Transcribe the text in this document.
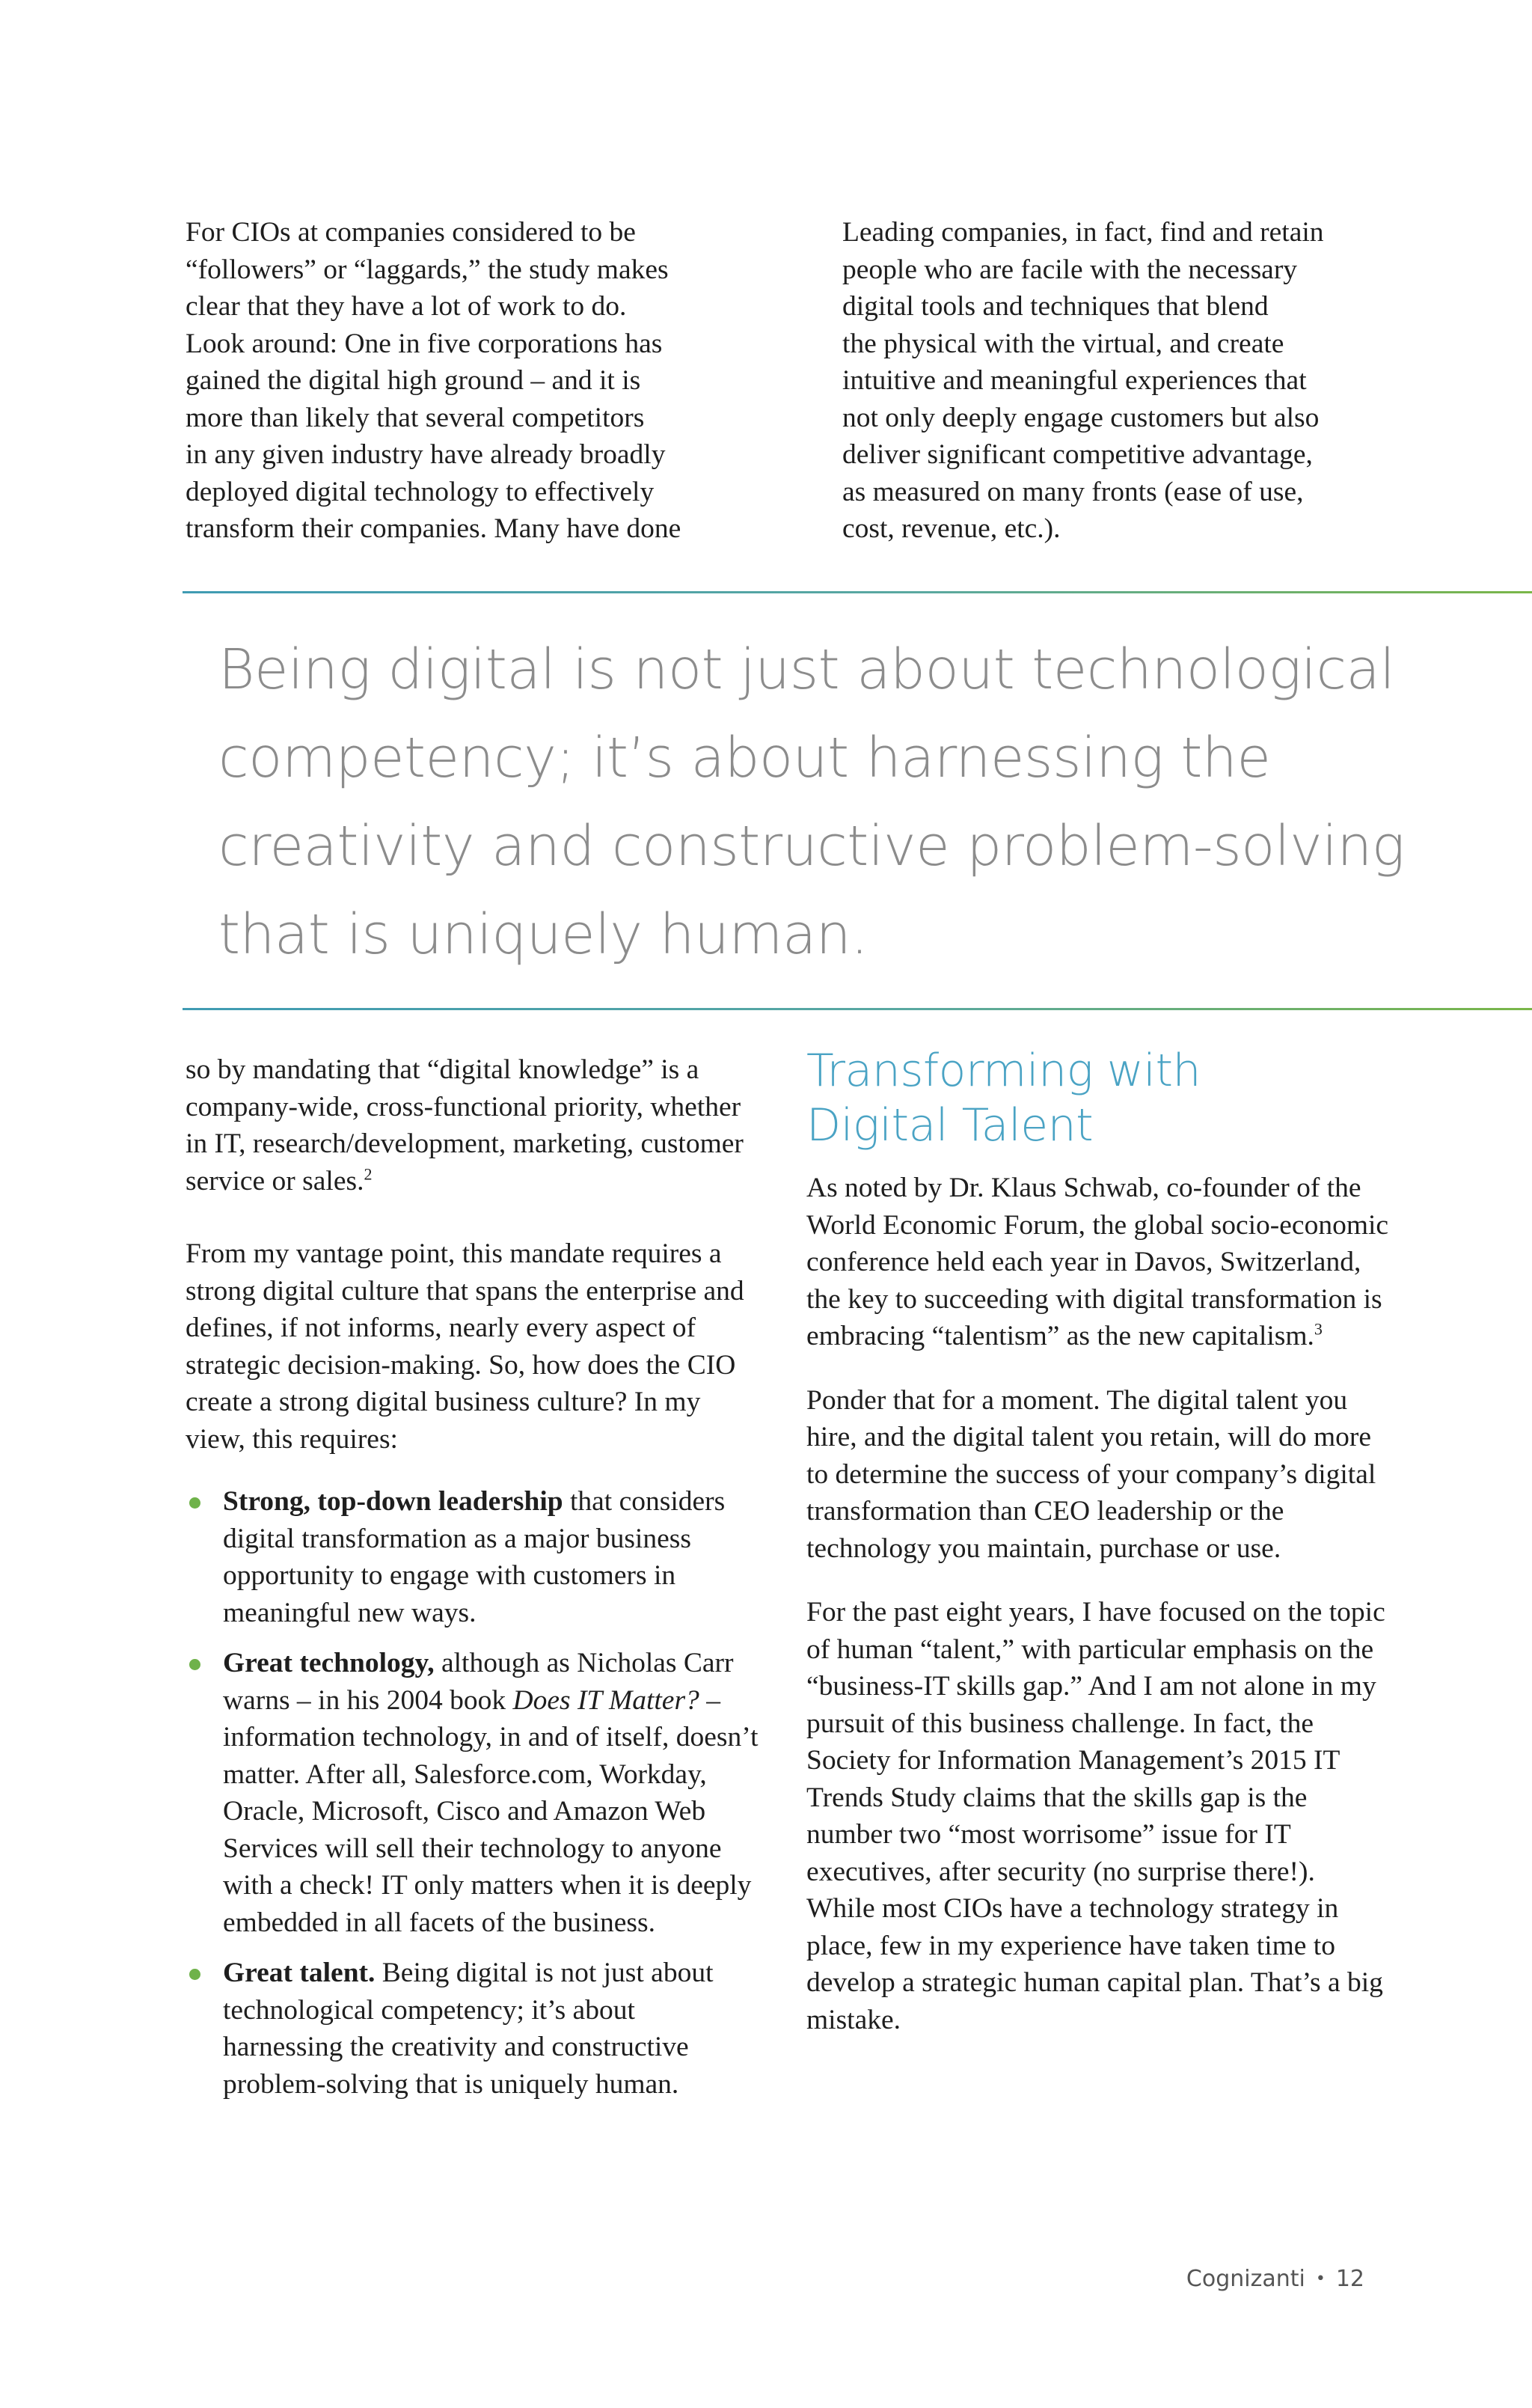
For CIOs at companies considered to be
“followers” or “laggards,” the study makes
clear that they have a lot of work to do.
Look around: One in five corporations has
gained the digital high ground – and it is
more than likely that several competitors
in any given industry have already broadly
deployed digital technology to effectively
transform their companies. Many have done
Leading companies, in fact, find and retain
people who are facile with the necessary
digital tools and techniques that blend
the physical with the virtual, and create
intuitive and meaningful experiences that
not only deeply engage customers but also
deliver significant competitive advantage,
as measured on many fronts (ease of use,
cost, revenue, etc.).
Being digital is not just about technological
competency; it’s about harnessing the
creativity and constructive problem-solving
that is uniquely human.

so by mandating that “digital knowledge” is a company-wide, cross-functional priority, whether in IT, research/development, marketing, customer service or sales.$^2$

From my vantage point, this mandate requires a strong digital culture that spans the enterprise and defines, if not informs, nearly every aspect of strategic decision-making. So, how does the CIO create a strong digital business culture? In my view, this requires:

Strong, top-down leadership that considers digital transformation as a major business opportunity to engage with customers in meaningful new ways.
Great technology, although as Nicholas Carr warns – in his 2004 book Does IT Matter? – information technology, in and of itself, doesn’t matter. After all, Salesforce.com, Workday, Oracle, Microsoft, Cisco and Amazon Web Services will sell their technology to anyone with a check! IT only matters when it is deeply embedded in all facets of the business.
Great talent. Being digital is not just about technological competency; it’s about harnessing the creativity and constructive problem-solving that is uniquely human.
Transforming with
Digital Talent

As noted by Dr. Klaus Schwab, co-founder of the World Economic Forum, the global socio-economic conference held each year in Davos, Switzerland, the key to succeeding with digital transformation is embracing “talentism” as the new capitalism.$^3$

Ponder that for a moment. The digital talent you hire, and the digital talent you retain, will do more to determine the success of your company’s digital transformation than CEO leadership or the technology you maintain, purchase or use.

For the past eight years, I have focused on the topic of human “talent,” with particular emphasis on the “business-IT skills gap.” And I am not alone in my pursuit of this business challenge. In fact, the Society for Information Management’s 2015 IT Trends Study claims that the skills gap is the number two “most worrisome” issue for IT executives, after security (no surprise there!). While most CIOs have a technology strategy in place, few in my experience have taken time to develop a strategic human capital plan. That’s a big mistake.

Cognizanti • 12
